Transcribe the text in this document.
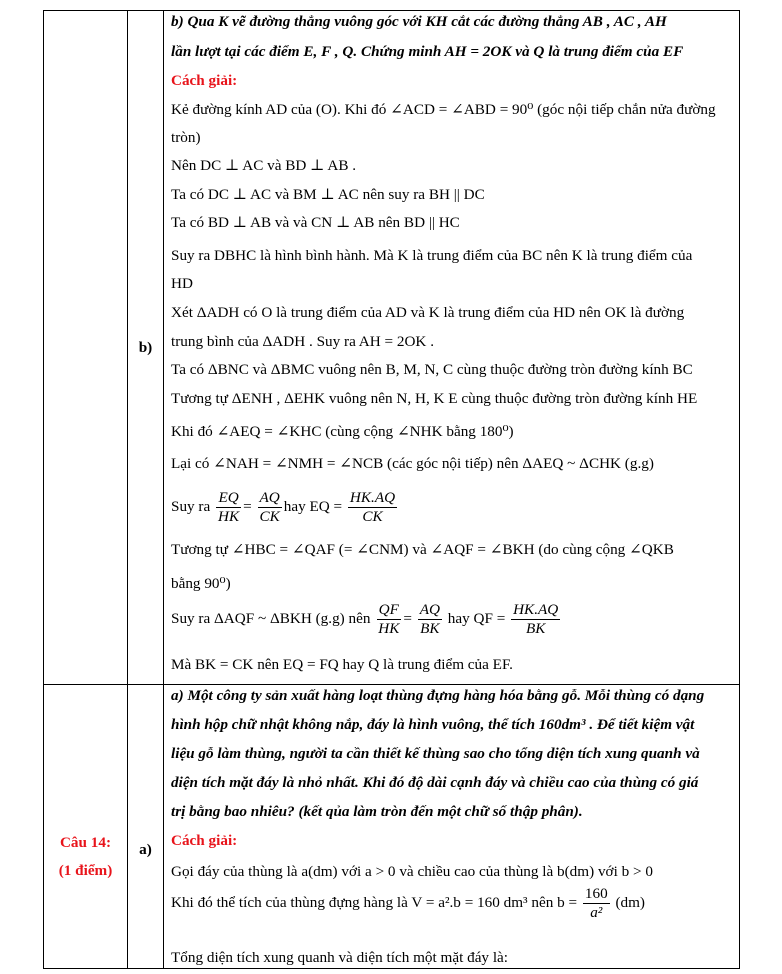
b)
b) Qua K vẽ đường thẳng vuông góc với KH cắt các đường thẳng AB , AC , AH
lần lượt tại các điểm E, F , Q. Chứng minh AH = 2OK và Q là trung điểm của EF
Cách giải:
Kẻ đường kính AD của (O). Khi đó ∠ACD = ∠ABD = 90⁰ (góc nội tiếp chắn nửa đường
tròn)
Nên DC ⊥ AC và BD ⊥ AB .
Ta có DC ⊥ AC và BM ⊥ AC nên suy ra BH || DC
Ta có BD ⊥ AB và và CN ⊥ AB nên BD || HC
Suy ra DBHC là hình bình hành. Mà K là trung điểm của BC nên K là trung điểm của
HD
Xét ΔADH có O là trung điểm của AD và K là trung điểm của HD nên OK là đường
trung bình của ΔADH . Suy ra AH = 2OK .
Ta có ΔBNC và ΔBMC vuông nên B, M, N, C cùng thuộc đường tròn đường kính BC
Tương tự ΔENH , ΔEHK vuông nên N, H, K E cùng thuộc đường tròn đường kính HE
Khi đó ∠AEQ = ∠KHC (cùng cộng ∠NHK bằng 180⁰)
Lại có ∠NAH = ∠NMH = ∠NCB (các góc nội tiếp) nên ΔAEQ ~ ΔCHK (g.g)
Suy ra $\frac{EQ}{HK} = \frac{AQ}{CK}$ hay EQ = $\frac{HK.AQ}{CK}$
Tương tự ∠HBC = ∠QAF (= ∠CNM) và ∠AQF = ∠BKH (do cùng cộng ∠QKB
bằng 90⁰)
Suy ra ΔAQF ~ ΔBKH (g.g) nên $\frac{QF}{HK} = \frac{AQ}{BK}$ hay QF = $\frac{HK.AQ}{BK}$
Mà BK = CK nên EQ = FQ hay Q là trung điểm của EF.
Câu 14:
(1 điểm)
a)
a) Một công ty sản xuất hàng loạt thùng đựng hàng hóa bằng gỗ. Mỗi thùng có dạng
hình hộp chữ nhật không nắp, đáy là hình vuông, thể tích 160dm³ . Để tiết kiệm vật
liệu gỗ làm thùng, người ta cần thiết kế thùng sao cho tổng diện tích xung quanh và
diện tích mặt đáy là nhỏ nhất. Khi đó độ dài cạnh đáy và chiều cao của thùng có giá
trị bằng bao nhiêu? (kết qủa làm tròn đến một chữ số thập phân).
Cách giải:
Gọi đáy của thùng là a(dm) với a > 0 và chiều cao của thùng là b(dm) với b > 0
Khi đó thể tích của thùng đựng hàng là V = a².b = 160 dm³ nên $b = \frac{160}{\text{a²}} (dm)$
Tổng diện tích xung quanh và diện tích một mặt đáy là:
